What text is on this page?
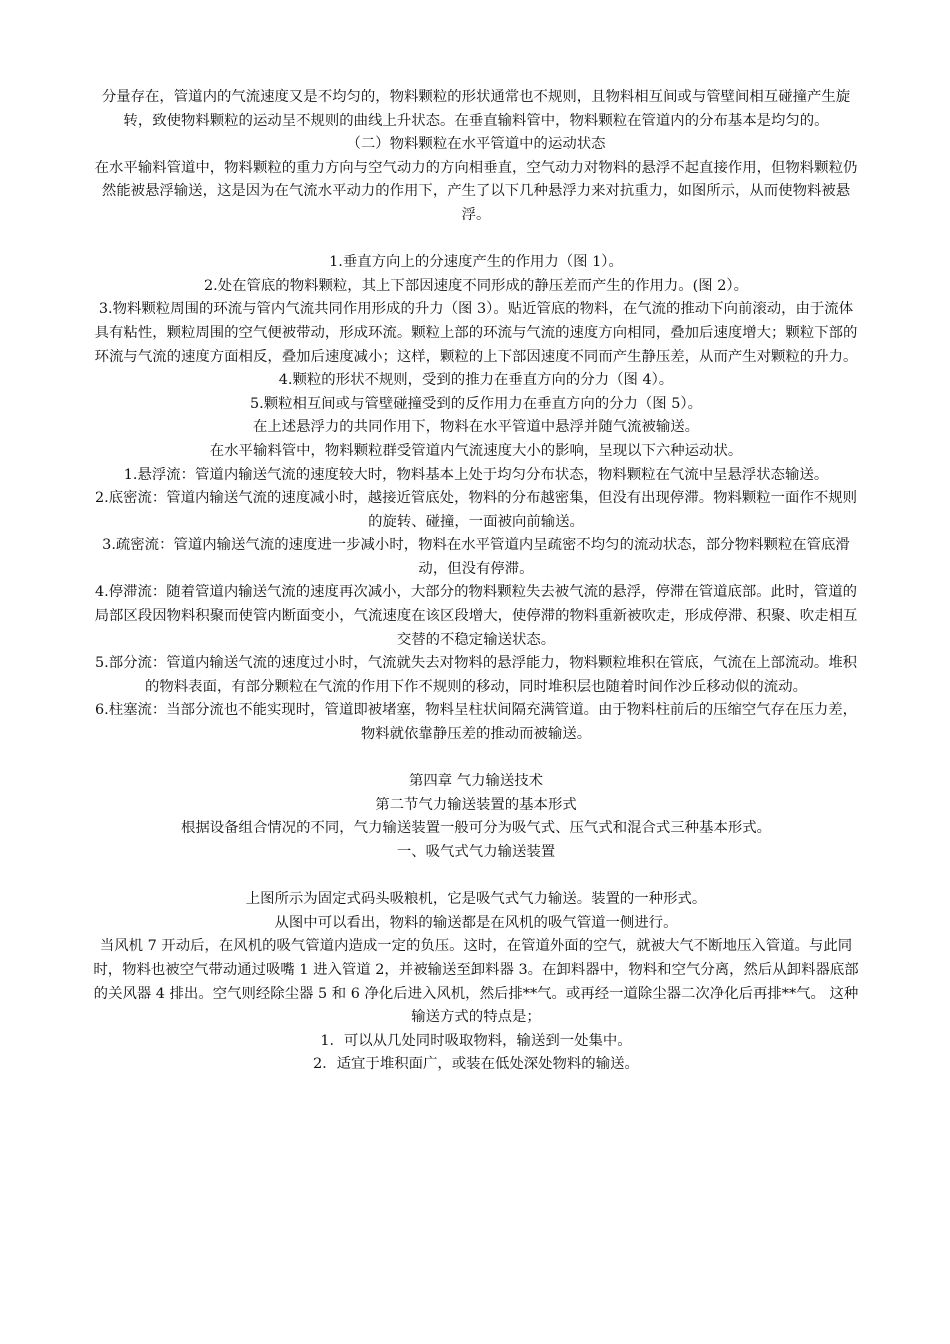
分量存在，管道内的气流速度又是不均匀的，物料颗粒的形状通常也不规则，且物料相互间或与管壁间相互碰撞产生旋转，致使物料颗粒的运动呈不规则的曲线上升状态。在垂直输料管中，物料颗粒在管道内的分布基本是均匀的。

（二）物料颗粒在水平管道中的运动状态

在水平输料管道中，物料颗粒的重力方向与空气动力的方向相垂直，空气动力对物料的悬浮不起直接作用，但物料颗粒仍然能被悬浮输送，这是因为在气流水平动力的作用下，产生了以下几种悬浮力来对抗重力，如图所示，从而使物料被悬浮。

1.垂直方向上的分速度产生的作用力（图 1）。

2.处在管底的物料颗粒，其上下部因速度不同形成的静压差而产生的作用力。(图 2）。

3.物料颗粒周围的环流与管内气流共同作用形成的升力（图 3）。贴近管底的物料，在气流的推动下向前滚动，由于流体具有粘性，颗粒周围的空气便被带动，形成环流。颗粒上部的环流与气流的速度方向相同，叠加后速度增大；颗粒下部的环流与气流的速度方面相反，叠加后速度减小；这样，颗粒的上下部因速度不同而产生静压差，从而产生对颗粒的升力。

4.颗粒的形状不规则，受到的推力在垂直方向的分力（图 4）。

5.颗粒相互间或与管壁碰撞受到的反作用力在垂直方向的分力（图 5）。

在上述悬浮力的共同作用下，物料在水平管道中悬浮并随气流被输送。

在水平输料管中，物料颗粒群受管道内气流速度大小的影响，呈现以下六种运动状。

1.悬浮流：管道内输送气流的速度较大时，物料基本上处于均匀分布状态，物料颗粒在气流中呈悬浮状态输送。

2.底密流：管道内输送气流的速度减小时，越接近管底处，物料的分布越密集，但没有出现停滞。物料颗粒一面作不规则的旋转、碰撞，一面被向前输送。

3.疏密流：管道内输送气流的速度进一步减小时，物料在水平管道内呈疏密不均匀的流动状态，部分物料颗粒在管底滑动，但没有停滞。

4.停滞流：随着管道内输送气流的速度再次减小，大部分的物料颗粒失去被气流的悬浮，停滞在管道底部。此时，管道的局部区段因物料积聚而使管内断面变小，气流速度在该区段增大，使停滞的物料重新被吹走，形成停滞、积聚、吹走相互交替的不稳定输送状态。

5.部分流：管道内输送气流的速度过小时，气流就失去对物料的悬浮能力，物料颗粒堆积在管底，气流在上部流动。堆积的物料表面，有部分颗粒在气流的作用下作不规则的移动，同时堆积层也随着时间作沙丘移动似的流动。

6.柱塞流：当部分流也不能实现时，管道即被堵塞，物料呈柱状间隔充满管道。由于物料柱前后的压缩空气存在压力差，物料就依靠静压差的推动而被输送。

第四章 气力输送技术

第二节气力输送装置的基本形式

根据设备组合情况的不同，气力输送装置一般可分为吸气式、压气式和混合式三种基本形式。

一、吸气式气力输送装置

上图所示为固定式码头吸粮机，它是吸气式气力输送。装置的一种形式。

从图中可以看出，物料的输送都是在风机的吸气管道一侧进行。

当风机 7 开动后，在风机的吸气管道内造成一定的负压。这时，在管道外面的空气，就被大气不断地压入管道。与此同时，物料也被空气带动通过吸嘴 1 进入管道 2，并被输送至卸料器 3。在卸料器中，物料和空气分离，然后从卸料器底部的关风器 4 排出。空气则经除尘器 5 和 6 净化后进入风机，然后排**气。或再经一道除尘器二次净化后再排**气。 这种输送方式的特点是；

1．可以从几处同时吸取物料，输送到一处集中。

2．适宜于堆积面广，或装在低处深处物料的输送。
